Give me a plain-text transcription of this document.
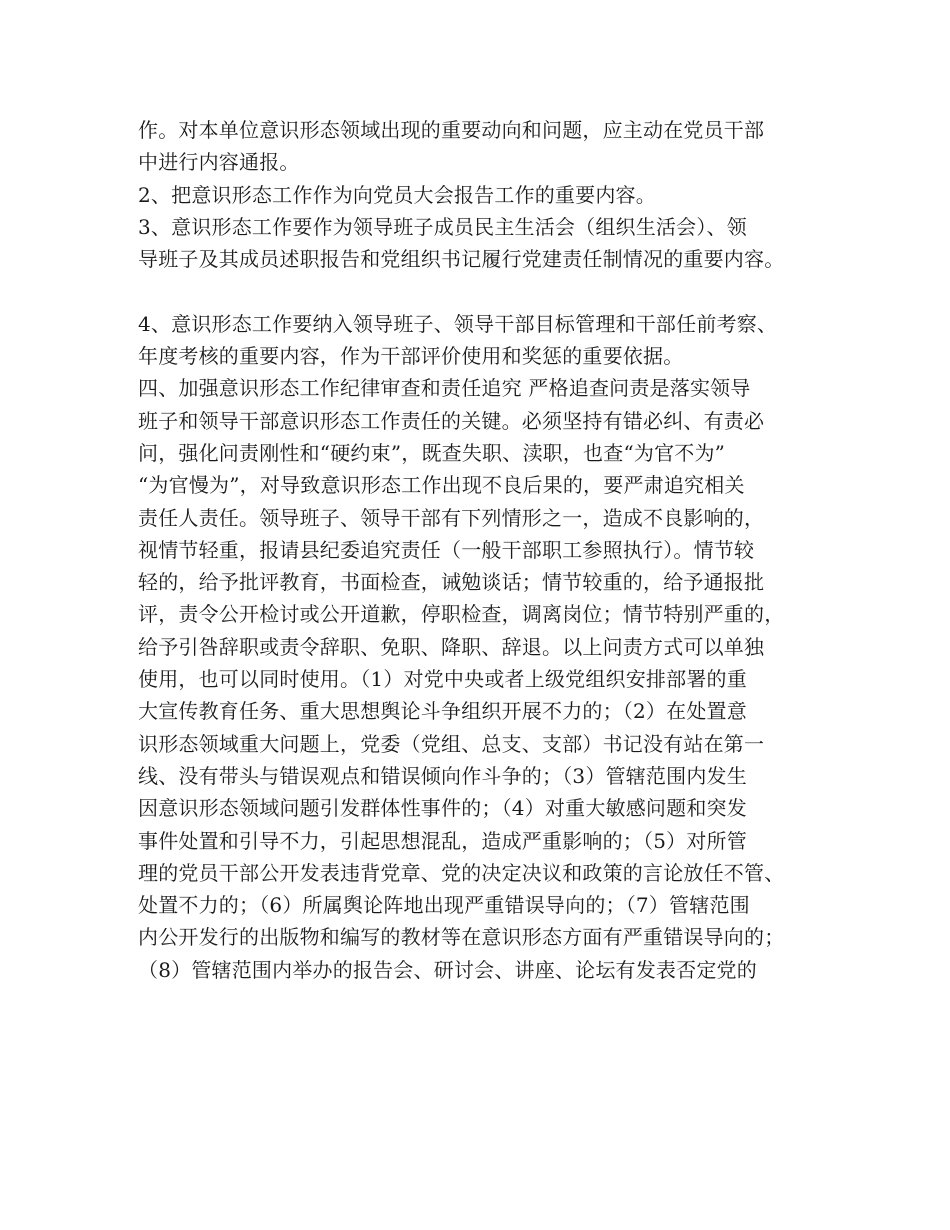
作。对本单位意识形态领域出现的重要动向和问题，应主动在党员干部
中进行内容通报。
2、把意识形态工作作为向党员大会报告工作的重要内容。
3、意识形态工作要作为领导班子成员民主生活会（组织生活会）、领
导班子及其成员述职报告和党组织书记履行党建责任制情况的重要内容。
4、意识形态工作要纳入领导班子、领导干部目标管理和干部任前考察、
年度考核的重要内容，作为干部评价使用和奖惩的重要依据。
四、加强意识形态工作纪律审查和责任追究 严格追查问责是落实领导
班子和领导干部意识形态工作责任的关键。必须坚持有错必纠、有责必
问，强化问责刚性和“硬约束”，既查失职、渎职，也查“为官不为”
“为官慢为”，对导致意识形态工作出现不良后果的，要严肃追究相关
责任人责任。领导班子、领导干部有下列情形之一，造成不良影响的，
视情节轻重，报请县纪委追究责任（一般干部职工参照执行）。情节较
轻的，给予批评教育，书面检查，诫勉谈话；情节较重的，给予通报批
评，责令公开检讨或公开道歉，停职检查，调离岗位；情节特别严重的，
给予引咎辞职或责令辞职、免职、降职、辞退。以上问责方式可以单独
使用，也可以同时使用。（1）对党中央或者上级党组织安排部署的重
大宣传教育任务、重大思想舆论斗争组织开展不力的；（2）在处置意
识形态领域重大问题上，党委（党组、总支、支部）书记没有站在第一
线、没有带头与错误观点和错误倾向作斗争的；（3）管辖范围内发生
因意识形态领域问题引发群体性事件的；（4）对重大敏感问题和突发
事件处置和引导不力，引起思想混乱，造成严重影响的；（5）对所管
理的党员干部公开发表违背党章、党的决定决议和政策的言论放任不管、
处置不力的；（6）所属舆论阵地出现严重错误导向的；（7）管辖范围
内公开发行的出版物和编写的教材等在意识形态方面有严重错误导向的；
（8）管辖范围内举办的报告会、研讨会、讲座、论坛有发表否定党的
